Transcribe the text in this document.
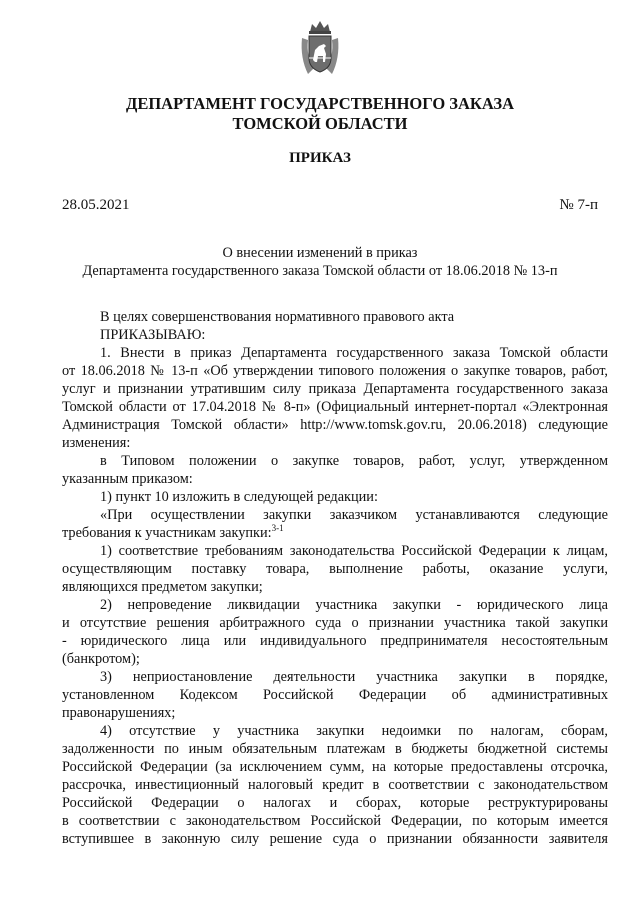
ДЕПАРТАМЕНТ ГОСУДАРСТВЕННОГО ЗАКАЗА
ТОМСКОЙ ОБЛАСТИ
ПРИКАЗ
28.05.2021	№ 7-п
О внесении изменений в приказ
Департамента государственного заказа Томской области от 18.06.2018 № 13-п
В целях совершенствования нормативного правового акта
ПРИКАЗЫВАЮ:
1. Внести в приказ Департамента государственного заказа Томской области
от 18.06.2018 № 13-п «Об утверждении типового положения о закупке товаров, работ,
услуг и признании утратившим силу приказа Департамента государственного заказа
Томской области от 17.04.2018 № 8-п» (Официальный интернет-портал «Электронная
Администрация Томской области» http://www.tomsk.gov.ru, 20.06.2018) следующие
изменения:
в Типовом положении о закупке товаров, работ, услуг, утвержденном
указанным приказом:
1) пункт 10 изложить в следующей редакции:
«При осуществлении закупки заказчиком устанавливаются следующие
требования к участникам закупки:$^{3-1}$
1) соответствие требованиям законодательства Российской Федерации к лицам,
осуществляющим поставку товара, выполнение работы, оказание услуги,
являющихся предметом закупки;
2) непроведение ликвидации участника закупки - юридического лица
и отсутствие решения арбитражного суда о признании участника такой закупки
- юридического лица или индивидуального предпринимателя несостоятельным
(банкротом);
3) неприостановление деятельности участника закупки в порядке,
установленном Кодексом Российской Федерации об административных
правонарушениях;
4) отсутствие у участника закупки недоимки по налогам, сборам,
задолженности по иным обязательным платежам в бюджеты бюджетной системы
Российской Федерации (за исключением сумм, на которые предоставлены отсрочка,
рассрочка, инвестиционный налоговый кредит в соответствии с законодательством
Российской Федерации о налогах и сборах, которые реструктурированы
в соответствии с законодательством Российской Федерации, по которым имеется
вступившее в законную силу решение суда о признании обязанности заявителя
